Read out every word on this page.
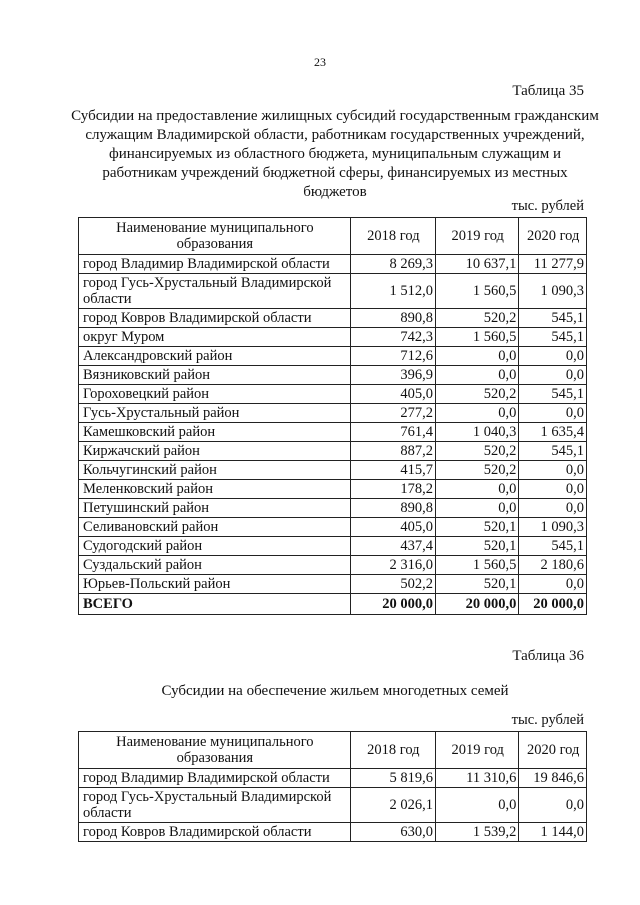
23
Таблица 35
Субсидии на предоставление жилищных субсидий государственным гражданским служащим Владимирской области, работникам государственных учреждений, финансируемых из областного бюджета, муниципальным служащим и работникам учреждений бюджетной сферы, финансируемых из местных бюджетов
тыс. рублей
Наименование муниципального образования	2018 год	2019 год	2020 год
город Владимир Владимирской области	8 269,3	10 637,1	11 277,9
город Гусь-Хрустальный Владимирской области	1 512,0	1 560,5	1 090,3
город Ковров Владимирской области	890,8	520,2	545,1
округ Муром	742,3	1 560,5	545,1
Александровский район	712,6	0,0	0,0
Вязниковский район	396,9	0,0	0,0
Гороховецкий район	405,0	520,2	545,1
Гусь-Хрустальный район	277,2	0,0	0,0
Камешковский район	761,4	1 040,3	1 635,4
Киржачский район	887,2	520,2	545,1
Кольчугинский район	415,7	520,2	0,0
Меленковский район	178,2	0,0	0,0
Петушинский район	890,8	0,0	0,0
Селивановский район	405,0	520,1	1 090,3
Судогодский район	437,4	520,1	545,1
Суздальский район	2 316,0	1 560,5	2 180,6
Юрьев-Польский район	502,2	520,1	0,0
ВСЕГО	20 000,0	20 000,0	20 000,0
Таблица 36
Субсидии на обеспечение жильем многодетных семей
тыс. рублей
Наименование муниципального образования	2018 год	2019 год	2020 год
город Владимир Владимирской области	5 819,6	11 310,6	19 846,6
город Гусь-Хрустальный Владимирской области	2 026,1	0,0	0,0
город Ковров Владимирской области	630,0	1 539,2	1 144,0
